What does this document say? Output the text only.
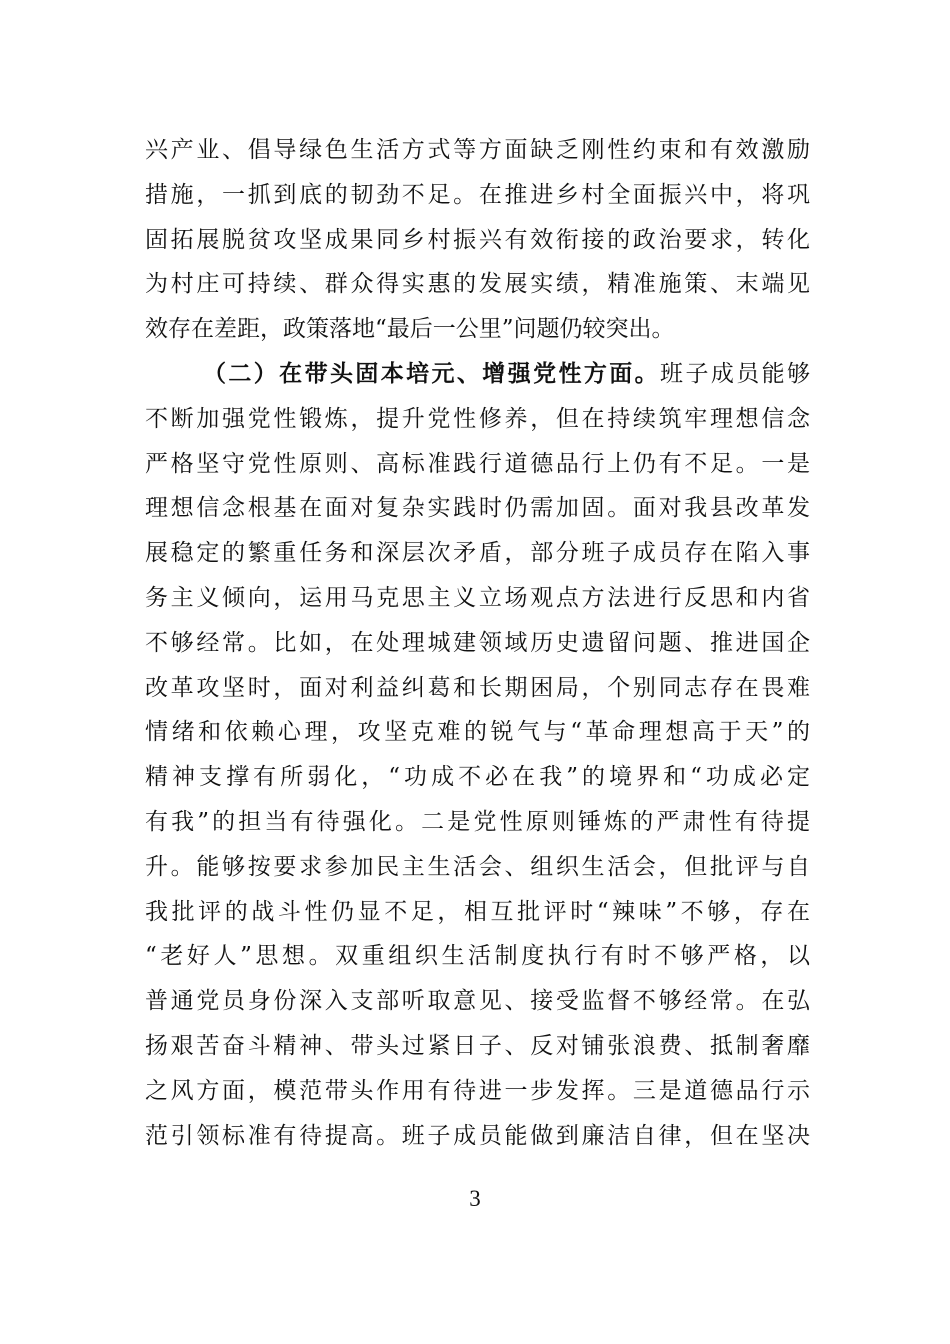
兴产业、倡导绿色生活方式等方面缺乏刚性约束和有效激励
措施，一抓到底的韧劲不足。在推进乡村全面振兴中，将巩
固拓展脱贫攻坚成果同乡村振兴有效衔接的政治要求，转化
为村庄可持续、群众得实惠的发展实绩，精准施策、末端见
效存在差距，政策落地“最后一公里”问题仍较突出。
（二）在带头固本培元、增强党性方面。班子成员能够
不断加强党性锻炼，提升党性修养，但在持续筑牢理想信念
严格坚守党性原则、高标准践行道德品行上仍有不足。一是
理想信念根基在面对复杂实践时仍需加固。面对我县改革发
展稳定的繁重任务和深层次矛盾，部分班子成员存在陷入事
务主义倾向，运用马克思主义立场观点方法进行反思和内省
不够经常。比如，在处理城建领域历史遗留问题、推进国企
改革攻坚时，面对利益纠葛和长期困局，个别同志存在畏难
情绪和依赖心理，攻坚克难的锐气与“革命理想高于天”的
精神支撑有所弱化，“功成不必在我”的境界和“功成必定
有我”的担当有待强化。二是党性原则锤炼的严肃性有待提
升。能够按要求参加民主生活会、组织生活会，但批评与自
我批评的战斗性仍显不足，相互批评时“辣味”不够，存在
“老好人”思想。双重组织生活制度执行有时不够严格，以
普通党员身份深入支部听取意见、接受监督不够经常。在弘
扬艰苦奋斗精神、带头过紧日子、反对铺张浪费、抵制奢靡
之风方面，模范带头作用有待进一步发挥。三是道德品行示
范引领标准有待提高。班子成员能做到廉洁自律，但在坚决
3
